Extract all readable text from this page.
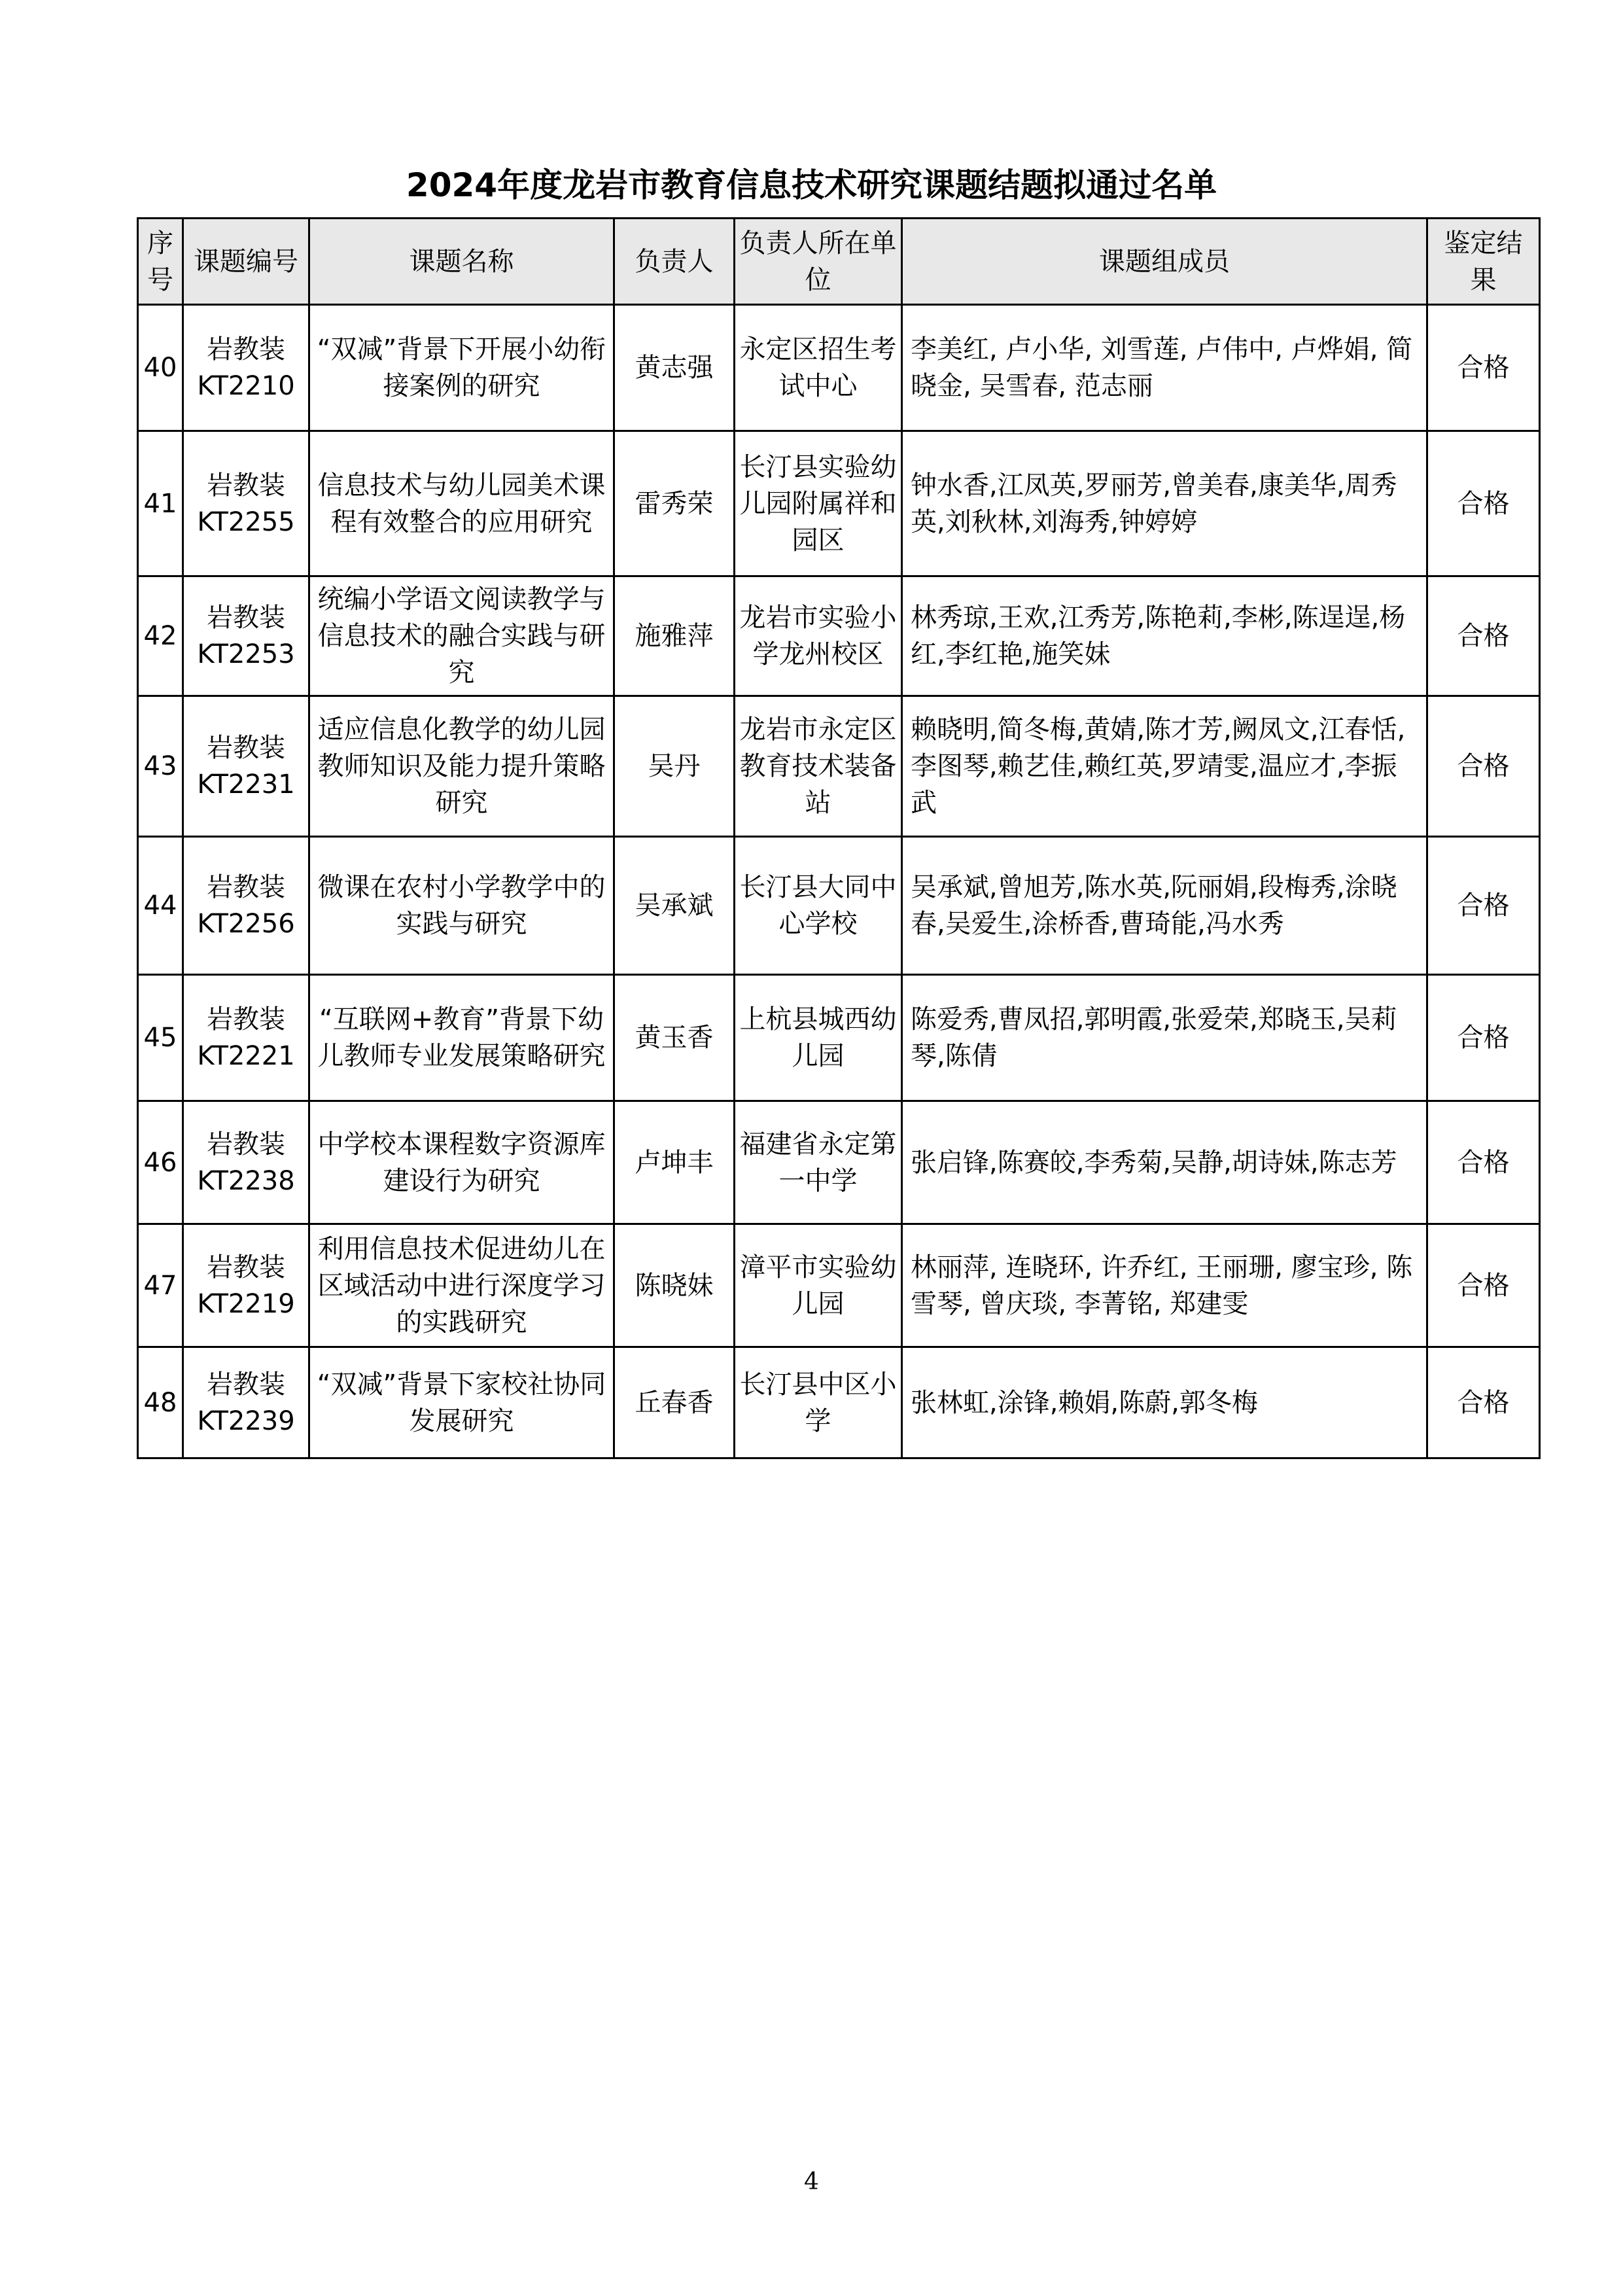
2024年度龙岩市教育信息技术研究课题结题拟通过名单
序号	课题编号	课题名称	负责人	负责人所在单位	课题组成员	鉴定结果
40	岩教装KT2210	“双减”背景下开展小幼衔接案例的研究	黄志强	永定区招生考试中心	李美红, 卢小华, 刘雪莲, 卢伟中, 卢烨娟, 简晓金, 吴雪春, 范志丽	合格
41	岩教装KT2255	信息技术与幼儿园美术课程有效整合的应用研究	雷秀荣	长汀县实验幼儿园附属祥和园区	钟水香,江凤英,罗丽芳,曾美春,康美华,周秀英,刘秋林,刘海秀,钟婷婷	合格
42	岩教装KT2253	统编小学语文阅读教学与信息技术的融合实践与研究	施雅萍	龙岩市实验小学龙州校区	林秀琼,王欢,江秀芳,陈艳莉,李彬,陈逞逞,杨红,李红艳,施笑妹	合格
43	岩教装KT2231	适应信息化教学的幼儿园教师知识及能力提升策略研究	吴丹	龙岩市永定区教育技术装备站	赖晓明,简冬梅,黄婧,陈才芳,阙凤文,江春恬,李图琴,赖艺佳,赖红英,罗靖雯,温应才,李振武	合格
44	岩教装KT2256	微课在农村小学教学中的实践与研究	吴承斌	长汀县大同中心学校	吴承斌,曾旭芳,陈水英,阮丽娟,段梅秀,涂晓春,吴爱生,涂桥香,曹琦能,冯水秀	合格
45	岩教装KT2221	“互联网+教育”背景下幼儿教师专业发展策略研究	黄玉香	上杭县城西幼儿园	陈爱秀,曹凤招,郭明霞,张爱荣,郑晓玉,吴莉琴,陈倩	合格
46	岩教装KT2238	中学校本课程数字资源库建设行为研究	卢坤丰	福建省永定第一中学	张启锋,陈赛皎,李秀菊,吴静,胡诗妹,陈志芳	合格
47	岩教装KT2219	利用信息技术促进幼儿在区域活动中进行深度学习的实践研究	陈晓妹	漳平市实验幼儿园	林丽萍, 连晓环, 许乔红, 王丽珊, 廖宝珍, 陈雪琴, 曾庆琰, 李菁铭, 郑建雯	合格
48	岩教装KT2239	“双减”背景下家校社协同发展研究	丘春香	长汀县中区小学	张林虹,涂锋,赖娟,陈蔚,郭冬梅	合格
4
